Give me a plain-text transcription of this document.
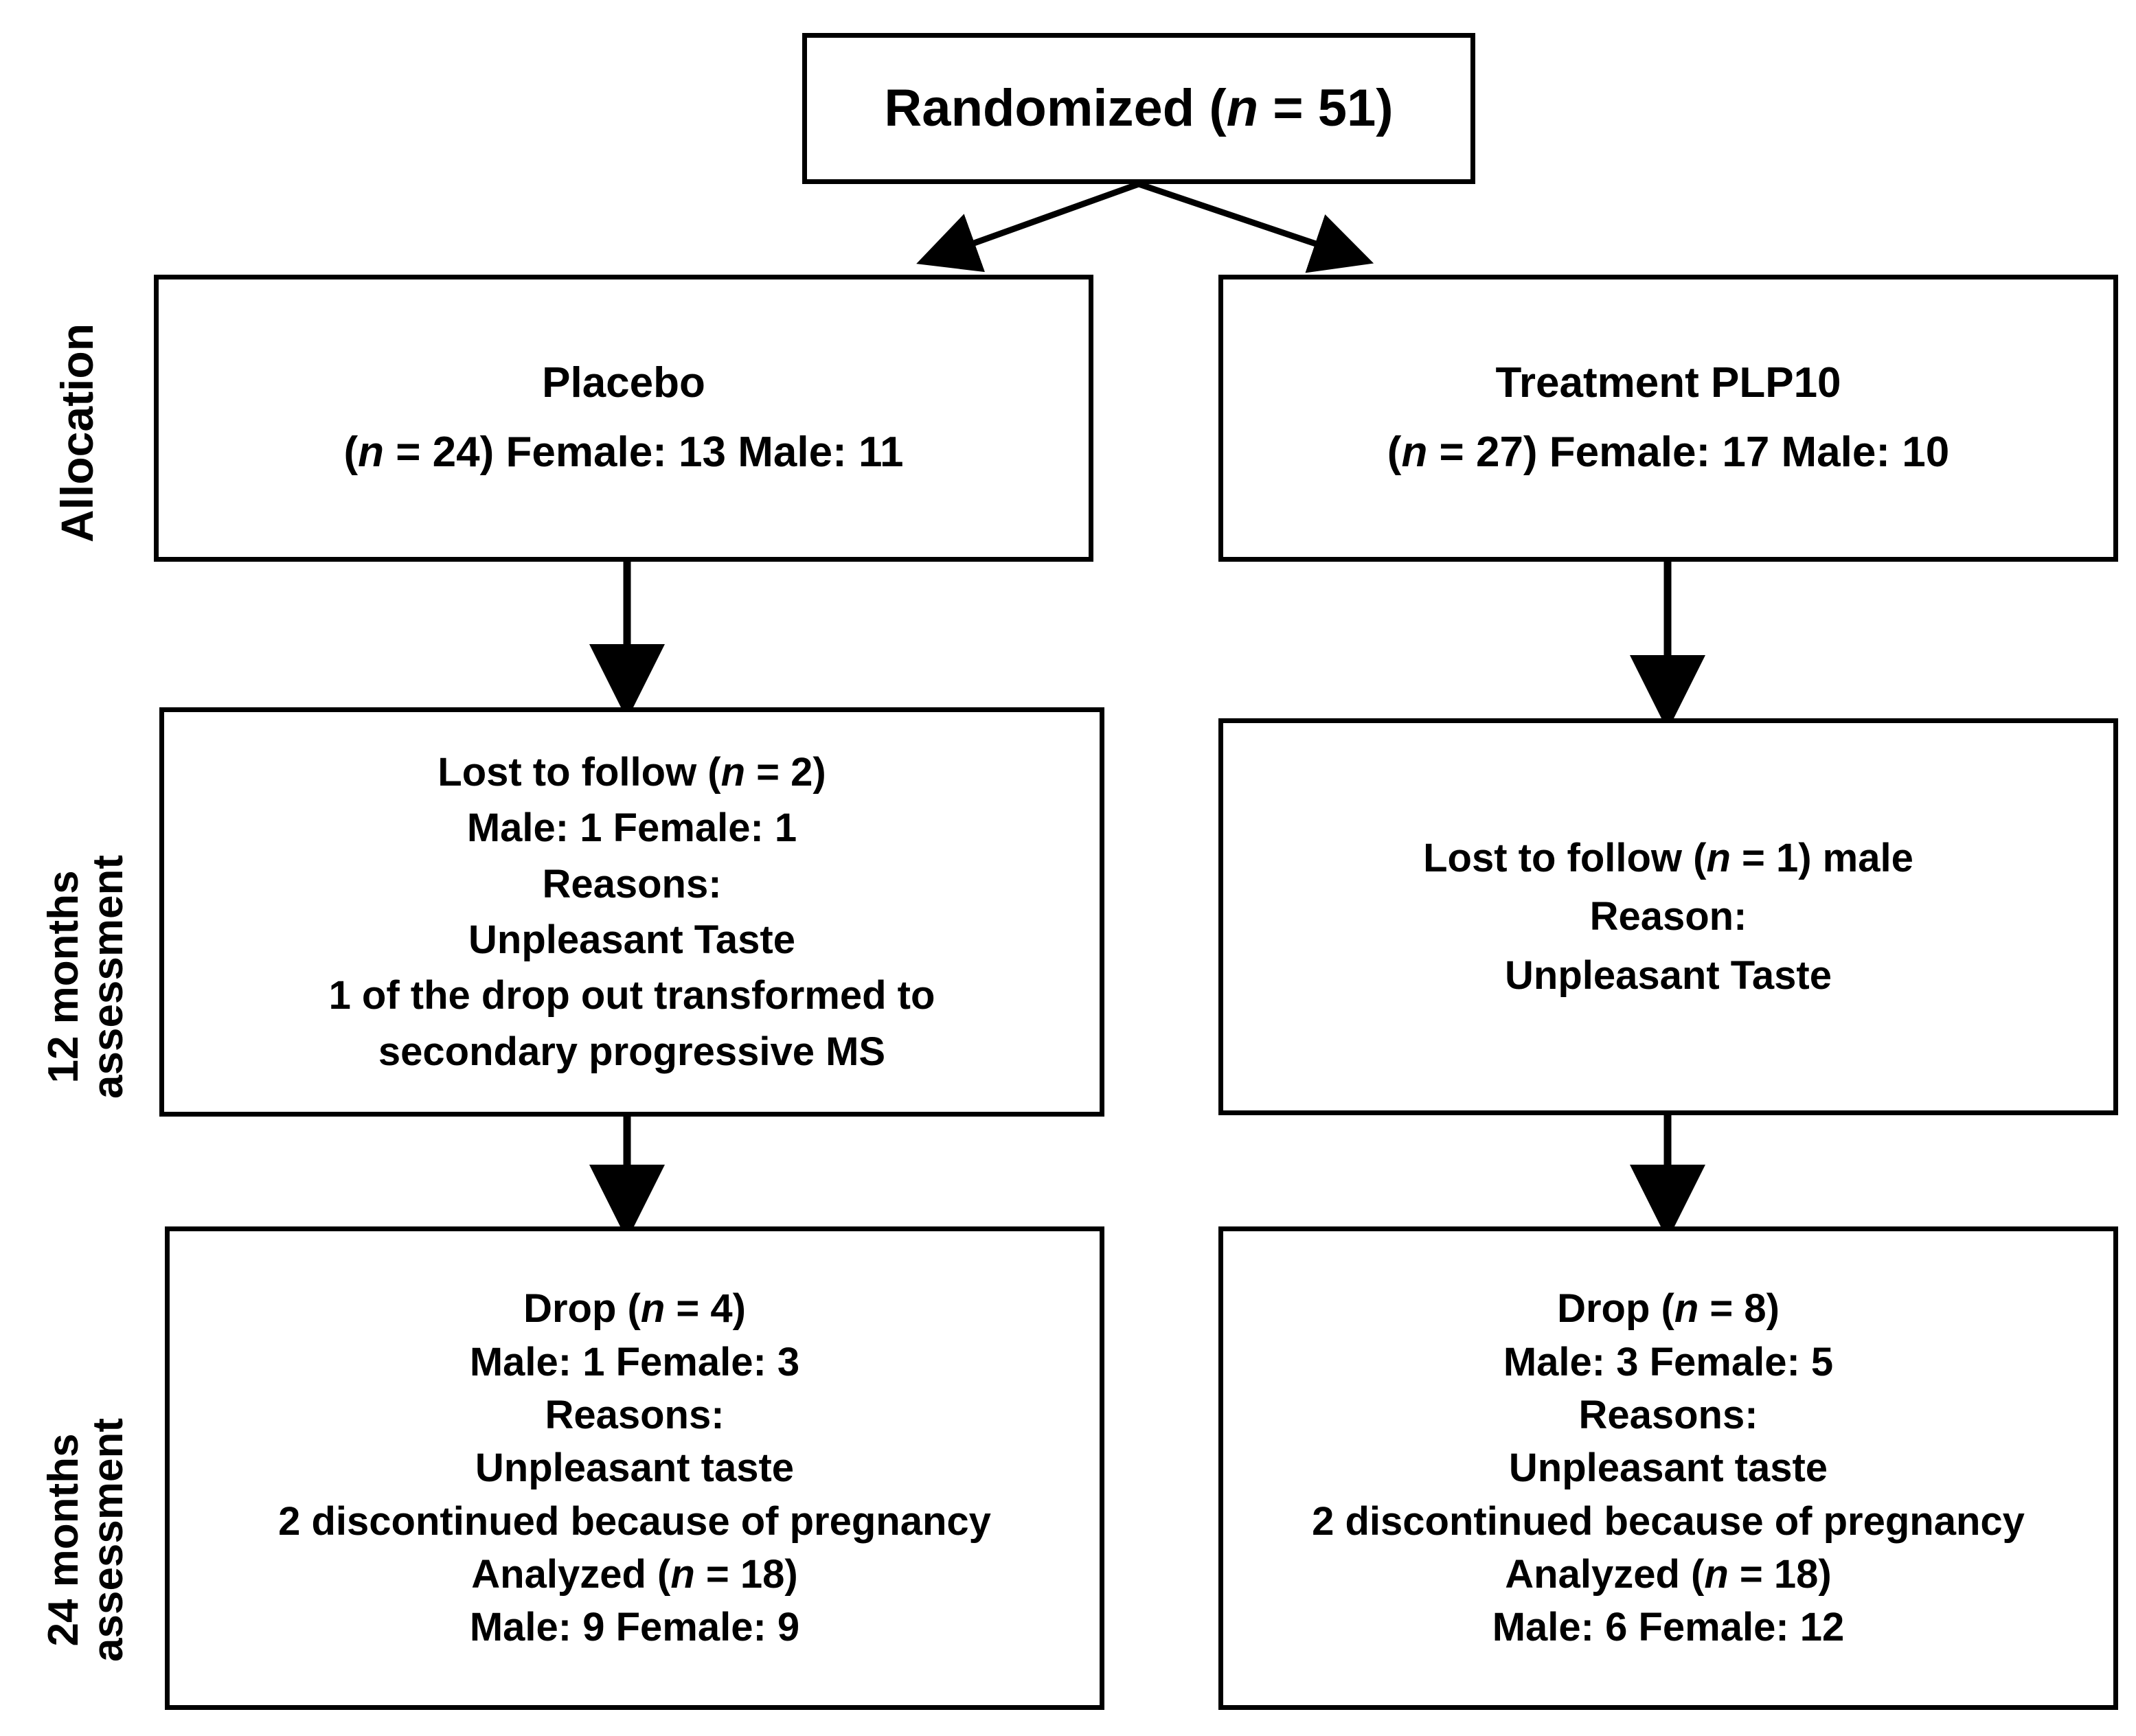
Allocation
12 months
assessment
24 months
assessment
Randomized (n = 51)
Placebo
(n = 24) Female: 13 Male: 11
Treatment PLP10
(n = 27) Female: 17 Male: 10
Lost to follow (n = 2)
Male: 1 Female: 1
Reasons:
Unpleasant Taste
1 of the drop out transformed to
secondary progressive MS
Lost to follow (n = 1) male
Reason:
Unpleasant Taste
Drop (n = 4)
Male: 1 Female: 3
Reasons:
Unpleasant taste
2 discontinued because of pregnancy
Analyzed (n = 18)
Male: 9 Female: 9
Drop (n = 8)
Male: 3 Female: 5
Reasons:
Unpleasant taste
2 discontinued because of pregnancy
Analyzed (n = 18)
Male: 6 Female: 12
